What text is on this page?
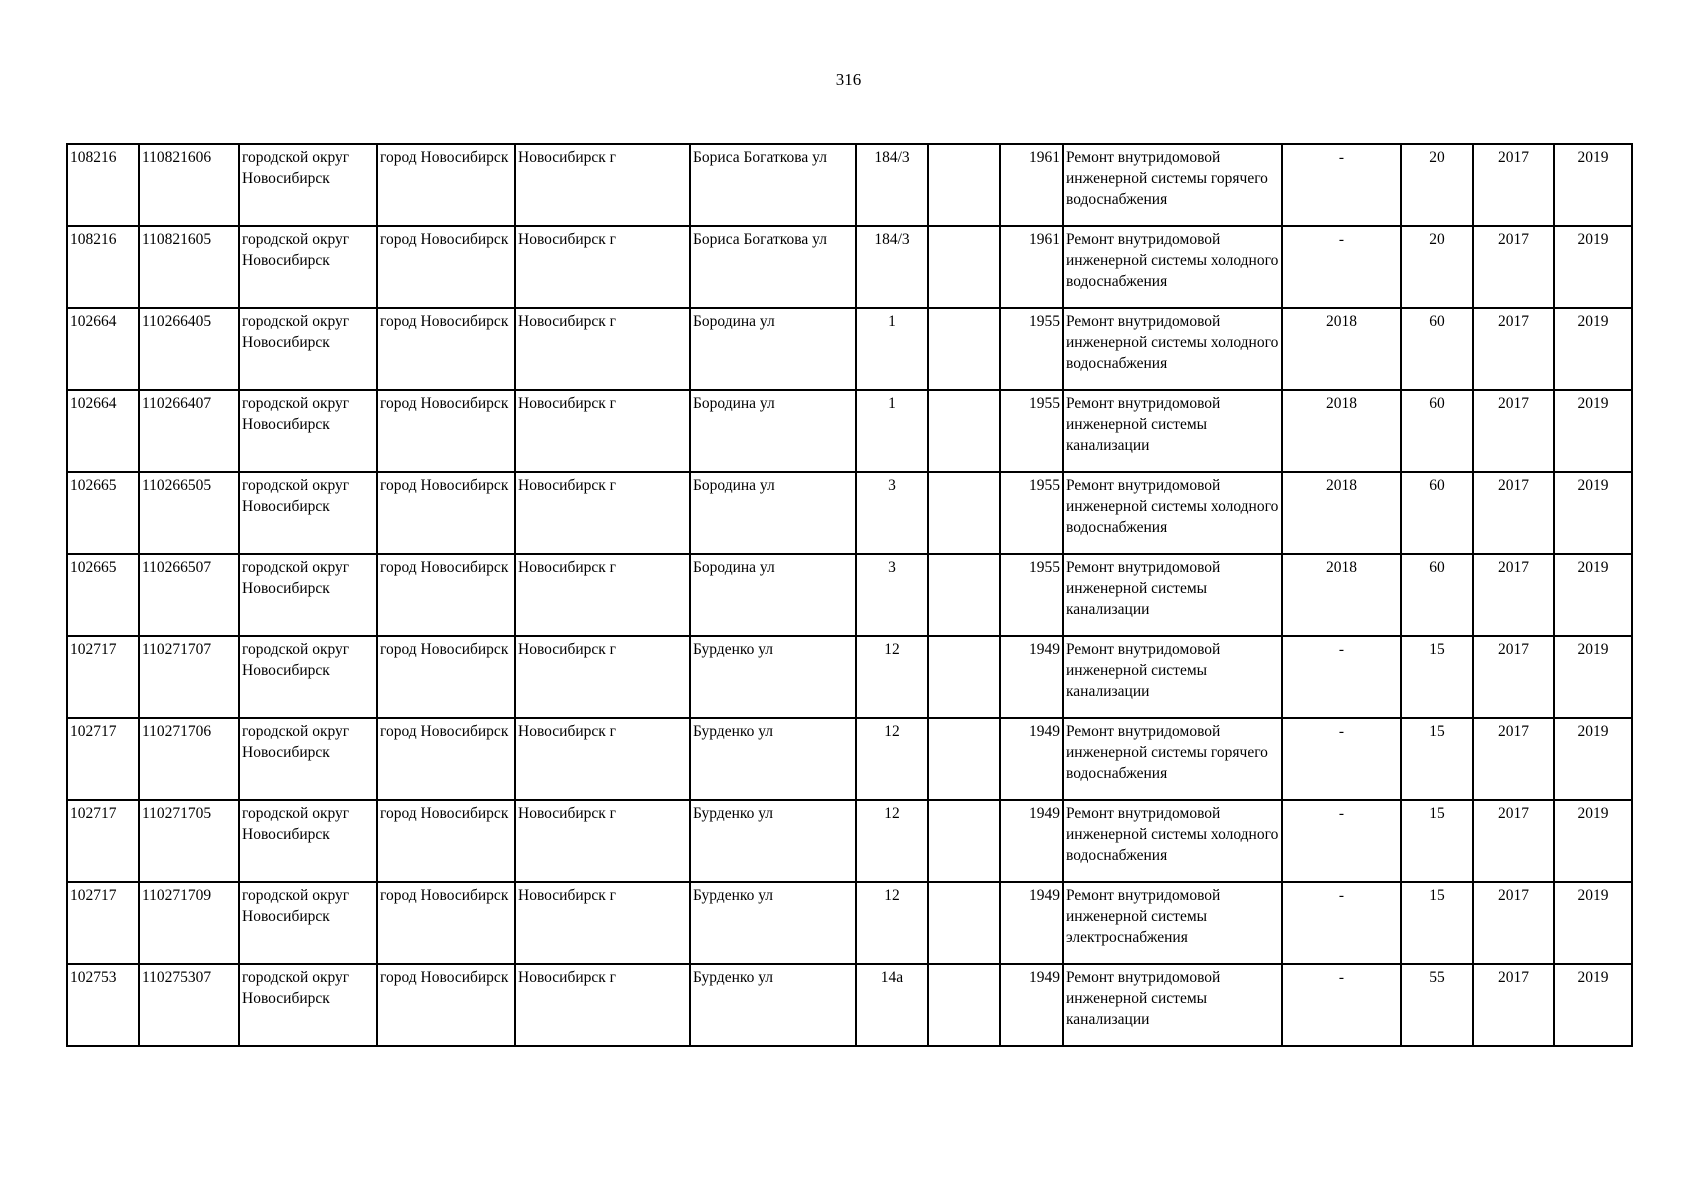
316
108216	110821606	городской округ Новосибирск	город Новосибирск	Новосибирск г	Бориса Богаткова ул	184/3		1961	Ремонт внутридомовой инженерной системы горячего водоснабжения	-	20	2017	2019
108216	110821605	городской округ Новосибирск	город Новосибирск	Новосибирск г	Бориса Богаткова ул	184/3		1961	Ремонт внутридомовой инженерной системы холодного водоснабжения	-	20	2017	2019
102664	110266405	городской округ Новосибирск	город Новосибирск	Новосибирск г	Бородина ул	1		1955	Ремонт внутридомовой инженерной системы холодного водоснабжения	2018	60	2017	2019
102664	110266407	городской округ Новосибирск	город Новосибирск	Новосибирск г	Бородина ул	1		1955	Ремонт внутридомовой инженерной системы канализации	2018	60	2017	2019
102665	110266505	городской округ Новосибирск	город Новосибирск	Новосибирск г	Бородина ул	3		1955	Ремонт внутридомовой инженерной системы холодного водоснабжения	2018	60	2017	2019
102665	110266507	городской округ Новосибирск	город Новосибирск	Новосибирск г	Бородина ул	3		1955	Ремонт внутридомовой инженерной системы канализации	2018	60	2017	2019
102717	110271707	городской округ Новосибирск	город Новосибирск	Новосибирск г	Бурденко ул	12		1949	Ремонт внутридомовой инженерной системы канализации	-	15	2017	2019
102717	110271706	городской округ Новосибирск	город Новосибирск	Новосибирск г	Бурденко ул	12		1949	Ремонт внутридомовой инженерной системы горячего водоснабжения	-	15	2017	2019
102717	110271705	городской округ Новосибирск	город Новосибирск	Новосибирск г	Бурденко ул	12		1949	Ремонт внутридомовой инженерной системы холодного водоснабжения	-	15	2017	2019
102717	110271709	городской округ Новосибирск	город Новосибирск	Новосибирск г	Бурденко ул	12		1949	Ремонт внутридомовой инженерной системы электроснабжения	-	15	2017	2019
102753	110275307	городской округ Новосибирск	город Новосибирск	Новосибирск г	Бурденко ул	14а		1949	Ремонт внутридомовой инженерной системы канализации	-	55	2017	2019
